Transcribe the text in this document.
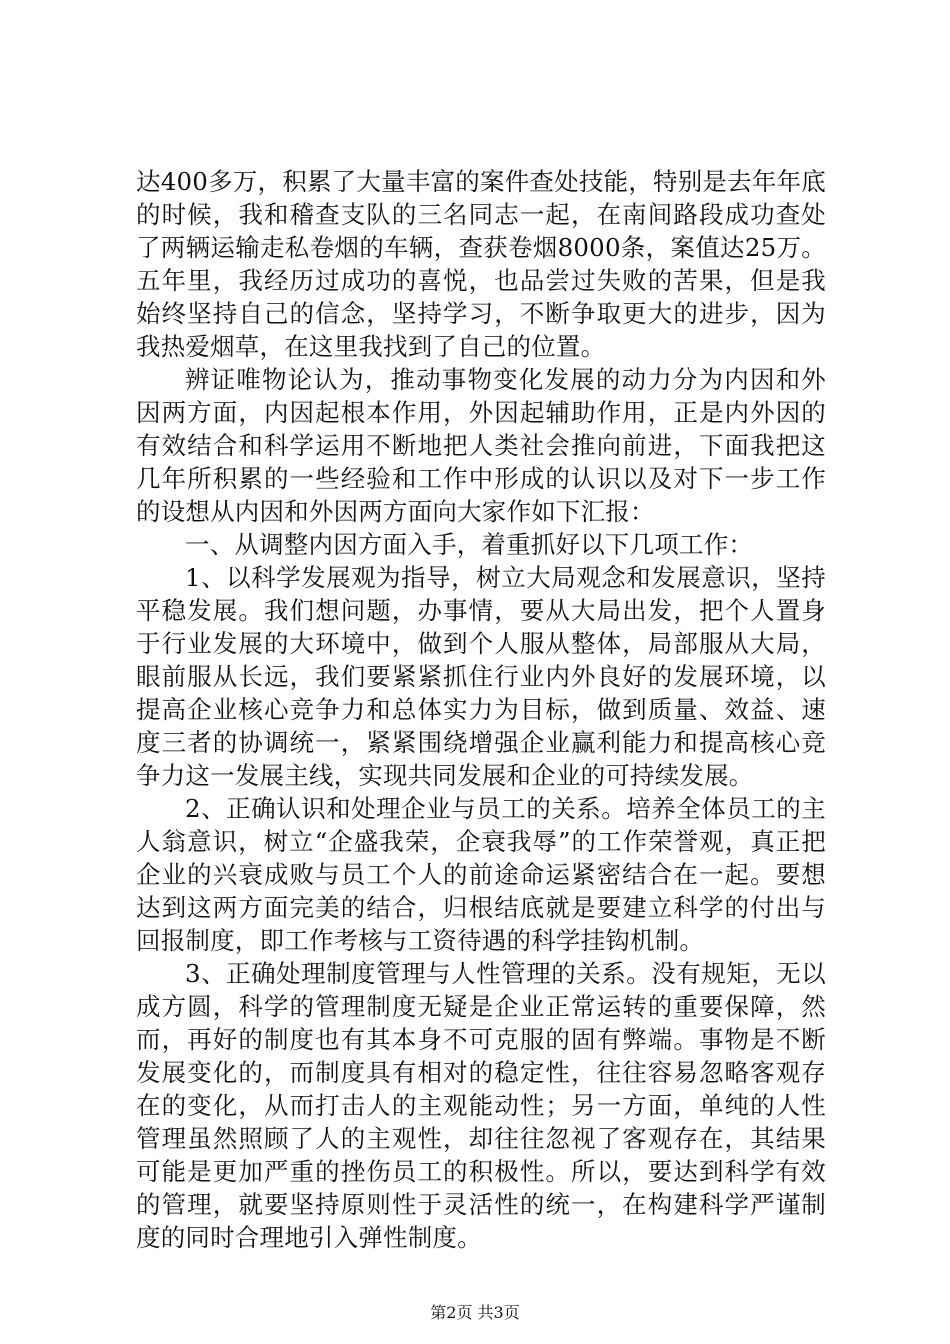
达400多万，积累了大量丰富的案件查处技能，特别是去年年底的时候，我和稽查支队的三名同志一起，在南间路段成功查处了两辆运输走私卷烟的车辆，查获卷烟8000条，案值达25万。五年里，我经历过成功的喜悦，也品尝过失败的苦果，但是我始终坚持自己的信念，坚持学习，不断争取更大的进步，因为我热爱烟草，在这里我找到了自己的位置。

辨证唯物论认为，推动事物变化发展的动力分为内因和外因两方面，内因起根本作用，外因起辅助作用，正是内外因的有效结合和科学运用不断地把人类社会推向前进，下面我把这几年所积累的一些经验和工作中形成的认识以及对下一步工作的设想从内因和外因两方面向大家作如下汇报：

一、从调整内因方面入手，着重抓好以下几项工作：

1、以科学发展观为指导，树立大局观念和发展意识，坚持平稳发展。我们想问题，办事情，要从大局出发，把个人置身于行业发展的大环境中，做到个人服从整体，局部服从大局，眼前服从长远，我们要紧紧抓住行业内外良好的发展环境，以提高企业核心竞争力和总体实力为目标，做到质量、效益、速度三者的协调统一，紧紧围绕增强企业赢利能力和提高核心竞争力这一发展主线，实现共同发展和企业的可持续发展。

2、正确认识和处理企业与员工的关系。培养全体员工的主人翁意识，树立“企盛我荣，企衰我辱”的工作荣誉观，真正把企业的兴衰成败与员工个人的前途命运紧密结合在一起。要想达到这两方面完美的结合，归根结底就是要建立科学的付出与回报制度，即工作考核与工资待遇的科学挂钩机制。

3、正确处理制度管理与人性管理的关系。没有规矩，无以成方圆，科学的管理制度无疑是企业正常运转的重要保障，然而，再好的制度也有其本身不可克服的固有弊端。事物是不断发展变化的，而制度具有相对的稳定性，往往容易忽略客观存在的变化，从而打击人的主观能动性；另一方面，单纯的人性管理虽然照顾了人的主观性，却往往忽视了客观存在，其结果可能是更加严重的挫伤员工的积极性。所以，要达到科学有效的管理，就要坚持原则性于灵活性的统一，在构建科学严谨制度的同时合理地引入弹性制度。

第2页 共3页
